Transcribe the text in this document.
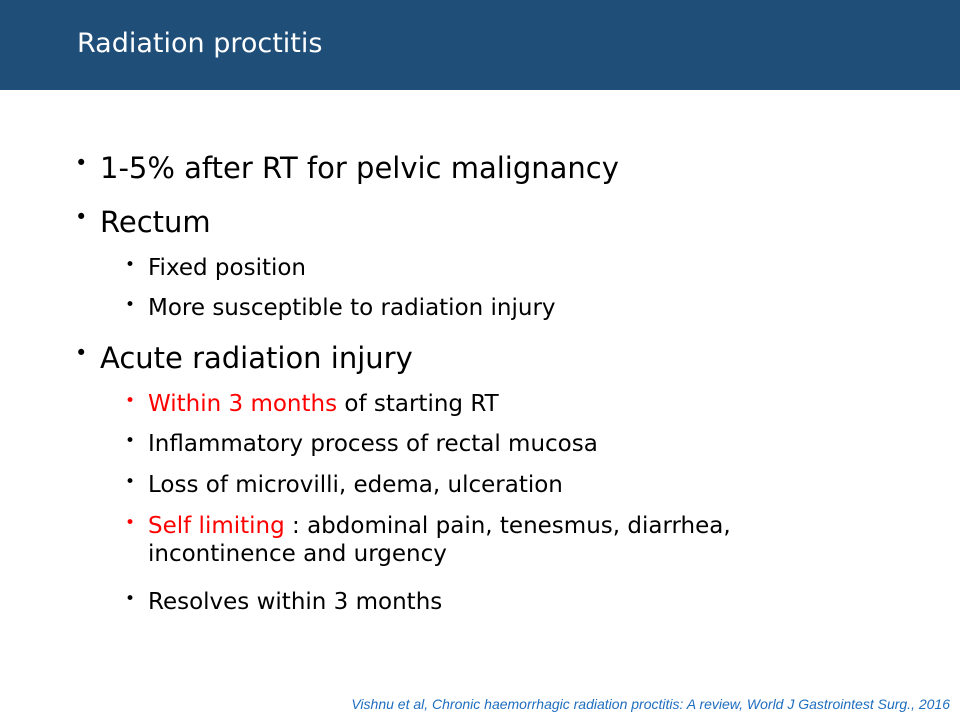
Radiation proctitis
• 1-5% after RT for pelvic malignancy
• Rectum
• Fixed position
• More susceptible to radiation injury
• Acute radiation injury
• Within 3 months of starting RT
• Inflammatory process of rectal mucosa
• Loss of microvilli, edema, ulceration
• Self limiting : abdominal pain, tenesmus, diarrhea, incontinence and urgency
• Resolves within 3 months
Vishnu et al, Chronic haemorrhagic radiation proctitis: A review, World J Gastrointest Surg., 2016
